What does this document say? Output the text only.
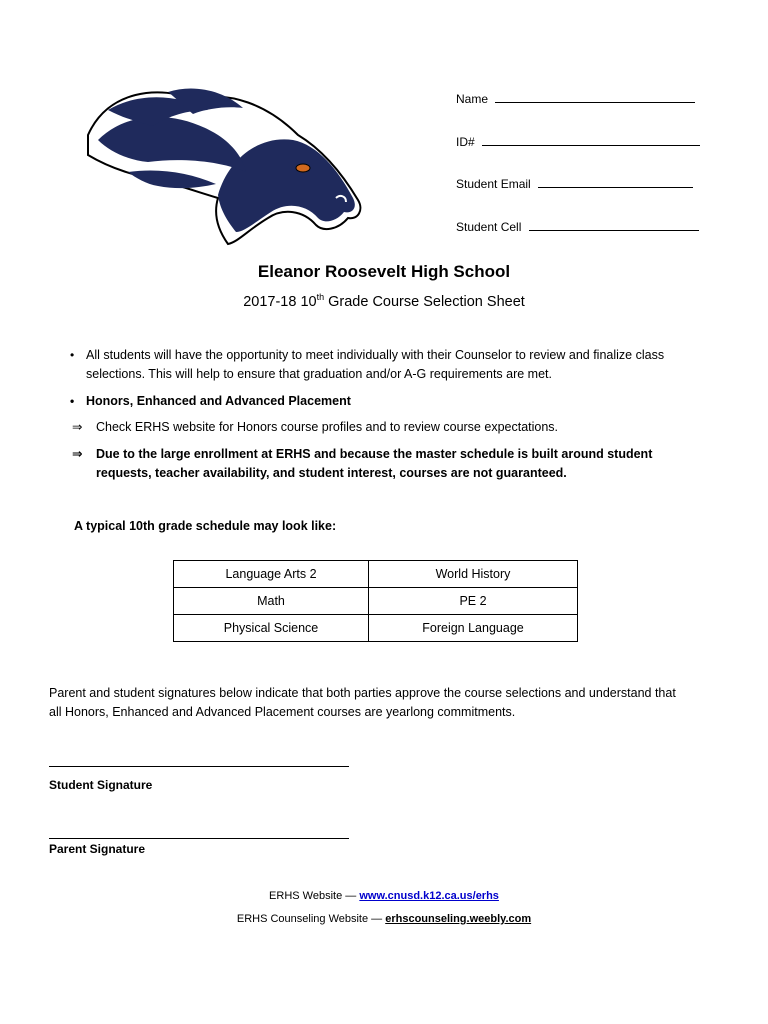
Name
ID#
Student Email
Student Cell
Eleanor Roosevelt High School
2017-18 10th Grade Course Selection Sheet
• All students will have the opportunity to meet individually with their Counselor to review and finalize class selections. This will help to ensure that graduation and/or A-G requirements are met.
• Honors, Enhanced and Advanced Placement
⇒ Check ERHS website for Honors course profiles and to review course expectations.
⇒ Due to the large enrollment at ERHS and because the master schedule is built around student requests, teacher availability, and student interest, courses are not guaranteed.
A typical 10th grade schedule may look like:
Language Arts 2	World History
Math	PE 2
Physical Science	Foreign Language
Parent and student signatures below indicate that both parties approve the course selections and understand that all Honors, Enhanced and Advanced Placement courses are yearlong commitments.
Student Signature
Parent Signature
ERHS Website — www.cnusd.k12.ca.us/erhs
ERHS Counseling Website — erhscounseling.weebly.com
